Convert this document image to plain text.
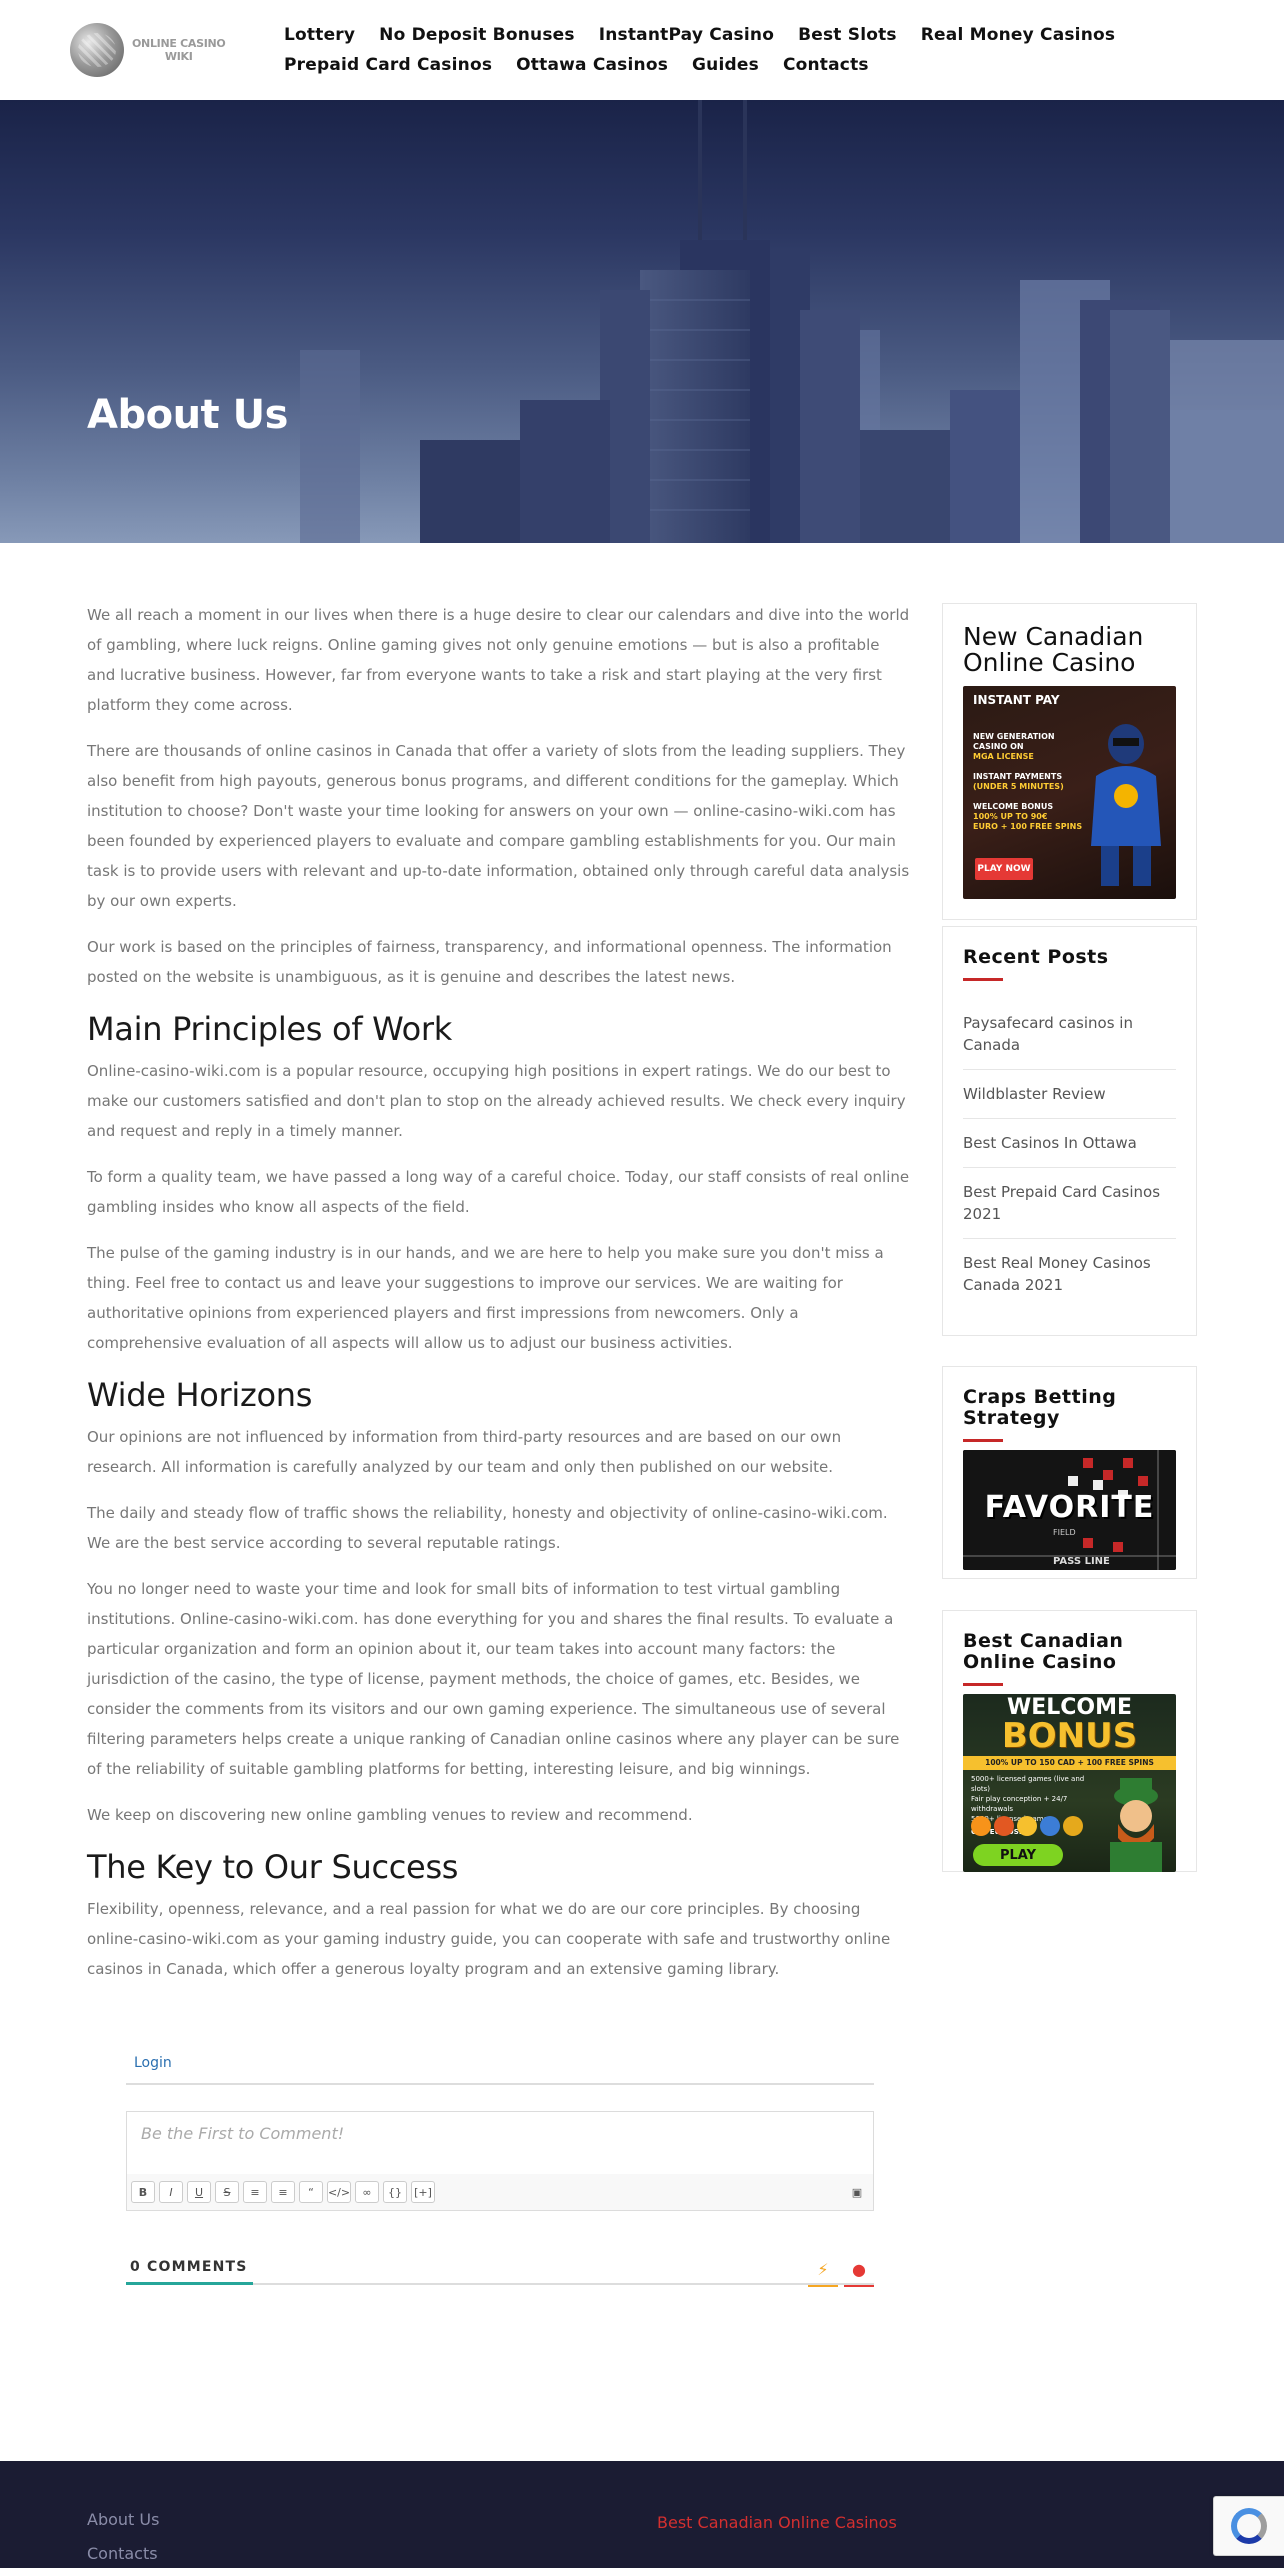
ONLINE CASINO
WIKI
Lottery No Deposit Bonuses InstantPay Casino Best Slots Real Money Casinos
Prepaid Card Casinos Ottawa Casinos Guides Contacts
About Us

We all reach a moment in our lives when there is a huge desire to clear our calendars and dive into the world of gambling, where luck reigns. Online gaming gives not only genuine emotions — but is also a profitable and lucrative business. However, far from everyone wants to take a risk and start playing at the very first platform they come across.

There are thousands of online casinos in Canada that offer a variety of slots from the leading suppliers. They also benefit from high payouts, generous bonus programs, and different conditions for the gameplay. Which institution to choose? Don't waste your time looking for answers on your own — online-casino-wiki.com has been founded by experienced players to evaluate and compare gambling establishments for you. Our main task is to provide users with relevant and up-to-date information, obtained only through careful data analysis by our own experts.

Our work is based on the principles of fairness, transparency, and informational openness. The information posted on the website is unambiguous, as it is genuine and describes the latest news.

Main Principles of Work

Online-casino-wiki.com is a popular resource, occupying high positions in expert ratings. We do our best to make our customers satisfied and don't plan to stop on the already achieved results. We check every inquiry and request and reply in a timely manner.

To form a quality team, we have passed a long way of a careful choice. Today, our staff consists of real online gambling insides who know all aspects of the field.

The pulse of the gaming industry is in our hands, and we are here to help you make sure you don't miss a thing. Feel free to contact us and leave your suggestions to improve our services. We are waiting for authoritative opinions from experienced players and first impressions from newcomers. Only a comprehensive evaluation of all aspects will allow us to adjust our business activities.

Wide Horizons

Our opinions are not influenced by information from third-party resources and are based on our own research. All information is carefully analyzed by our team and only then published on our website.

The daily and steady flow of traffic shows the reliability, honesty and objectivity of online-casino-wiki.com. We are the best service according to several reputable ratings.

You no longer need to waste your time and look for small bits of information to test virtual gambling institutions. Online-casino-wiki.com. has done everything for you and shares the final results. To evaluate a particular organization and form an opinion about it, our team takes into account many factors: the jurisdiction of the casino, the type of license, payment methods, the choice of games, etc. Besides, we consider the comments from its visitors and our own gaming experience. The simultaneous use of several filtering parameters helps create a unique ranking of Canadian online casinos where any player can be sure of the reliability of suitable gambling platforms for betting, interesting leisure, and big winnings.

We keep on discovering new online gambling venues to review and recommend.

The Key to Our Success

Flexibility, openness, relevance, and a real passion for what we do are our core principles. By choosing online-casino-wiki.com as your gaming industry guide, you can cooperate with safe and trustworthy online casinos in Canada, which offer a generous loyalty program and an extensive gaming library.

New Canadian Online Casino
INSTANT PAY
NEW GENERATION CASINO ON
MGA LICENSE
INSTANT PAYMENTS
(UNDER 5 MINUTES)
WELCOME BONUS
100% UP TO 90€
EURO + 100 FREE SPINS
PLAY NOW
Recent Posts
Paysafecard casinos in Canada
Wildblaster Review
Best Casinos In Ottawa
Best Prepaid Card Casinos 2021
Best Real Money Casinos Canada 2021
Craps Betting Strategy
FAVORITE
FIELD
PASS LINE
Best Canadian Online Casino
WELCOME
BONUS
100% UP TO 150 CAD + 100 FREE SPINS
5000+ licensed games (live and slots)
Fair play conception + 24/7 withdrawals
games
USD
PLAY
Login
Be the First to Comment!
B	I	U	S	≡	≡	“	</>	∞	{}	[+]	▣
0 COMMENTS	⚡	●
About Us
Contacts
Best Canadian Online Casinos
